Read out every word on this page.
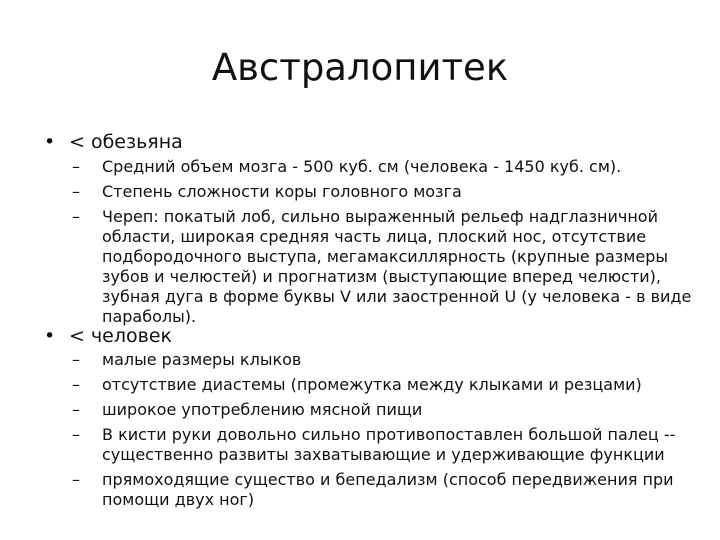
Австралопитек
• < обезьяна
– Средний объем мозга - 500 куб. см (человека - 1450 куб. см).
– Степень сложности коры головного мозга
– Череп: покатый лоб, сильно выраженный рельеф надглазничной области, широкая средняя часть лица, плоский нос, отсутствие подбородочного выступа, мегамаксиллярность (крупные размеры зубов и челюстей) и прогнатизм (выступающие вперед челюсти), зубная дуга в форме буквы V или заостренной U (у человека - в виде параболы).
• < человек
– малые размеры клыков
– отсутствие диастемы (промежутка между клыками и резцами)
– широкое употреблению мясной пищи
– В кисти руки довольно сильно противопоставлен большой палец -- существенно развиты захватывающие и удерживающие функции
– прямоходящие существо и бепедализм (способ передвижения при помощи двух ног)
